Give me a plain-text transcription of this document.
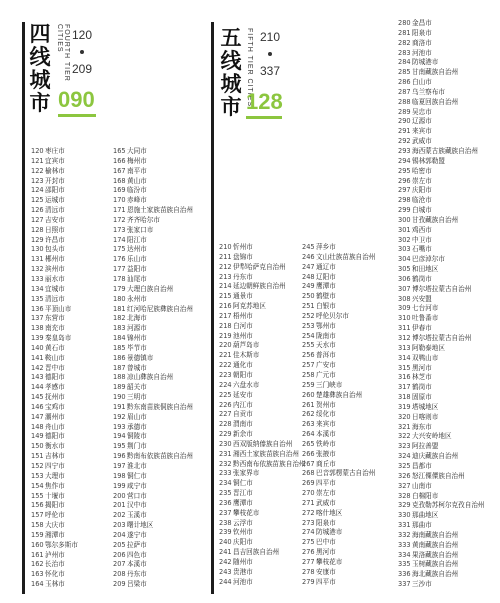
四
线
城
市
FOURTH TIER CITIES 120
209
090
120枣庄市
121宜宾市
122榆林市
123开封市
124邵阳市
125运城市
126清远市
127吉安市
128日照市
129许昌市
130包头市
131郴州市
132滨州市
133丽水市
134宜城市
135清远市
136平顶山市
137东营市
138南充市
139秦皇岛市
140黄石市
141鞍山市
142晋中市
143德阳市
144孝感市
145抚州市
146宝鸡市
147潮州市
148舟山市
149德阳市
150衡水市
151吉林市
152四宁市
153大理市
154焦作市
155十堰市
156揭阳市
157呼伦市
158大庆市
159湘潭市
160鄂尔多斯市
161泸州市
162长治市
163怀化市
164玉林市
165大同市
166梅州市
167南平市
168黄山市
169临汾市
170赤峰市
171恩施土家族苗族自治州
172齐齐哈尔市
173张家口市
174阳江市
175达州市
176乐山市
177益阳市
178汕尾市
179大理白族自治州
180永州市
181红河哈尼族彝族自治州
182北海市
183河源市
184锦州市
185毕节市
186景德镇市
187曾城市
188凉山彝族自治州
189韶关市
190三明市
191黔东南苗族侗族自治州
192眉山市
193承德市
194铜陵市
195荆门市
196黔南布依族苗族自治州
197淮北市
198铜仁市
199咸宁市
200营口市
201汉中市
202玉溪市
203曙计地区
204遂宁市
205拉萨市
206四色市
207本溪市
208丹东市
209吕梁市
五
线
城
市 FIFTH TIER CITIES 210
337
128
210忻州市
211盘锦市
212伊犁哈萨克自治州
213丹东市
214延边朝鲜族自治州
215通景市
216阿克苏地区
217梧州市
218白河市
219池州市
220葫芦岛市
221佳木斯市
222通化市
223朝阳市
224六盘水市
225延安市
226内江市
227自贡市
228渭南市
229新余市
230西双版纳傣族自治州
231湘西土家族苗族自治州
232黔西南布依族苗族自治州
233张家界市
234铜仁市
235晋江市
236鹰潭市
237攀枝花市
238云浮市
239钦州市
240庆阳市
241昌吉回族自治州
242随州市
243贵港市
244河池市
245萍乡市
246文山壮族苗族自治州
247通辽市
248辽阳市
249鹰潭市
250鹤壁市
251白银市
252呼伦贝尔市
253鄂州市
254陇南市
255天水市
256普洱市
257广安市
258广元市
259三门峡市
260楚雄彝族自治州
261贺州市
262绥化市
263来宾市
264本溪市
265铁岭市
266张掖市
267商丘市
268巴音郭楞蒙古自治州
269四平市
270崇左市
271武威市
272喀什地区
273阳泉市
274防城港市
275巴中市
276黑河市
277攀枝花市
278安康市
279四平市
280金昌市
281阳泉市
282商洛市
283河池市
284防城港市
285甘南藏族自治州
286白山市
287乌兰察布市
288临夏回族自治州
289吴忠市
290辽源市
291来宾市
292武威市
293海西蒙古族藏族自治州
294锡林郭勒盟
295哈密市
296崇左市
297庆阳市
298临沧市
299白城市
300甘孜藏族自治州
301鸡西市
302中卫市
303石嘴市
304巴彦淖尔市
305和田地区
306鹤岗市
307博尔塔拉蒙古自治州
308兴安盟
309七台河市
310吐鲁番市
311伊春市
312博尔塔拉蒙古自治州
313阿勒泰地区
314双鸭山市
315黑河市
316林芝市
317鹤岗市
318固原市
319塔城地区
320日喀则市
321海东市
322大兴安岭地区
323阿拉善盟
324迪庆藏族自治州
325昌都市
326怒江傈僳族自治州
327山南市
328白棉阳市
329克孜勒苏柯尔克孜自治州
330那曲地区
331那曲市
332海南藏族自治州
333黄南藏族自治州
334果洛藏族自治州
335玉树藏族自治州
336海北藏族自治州
337三沙市
